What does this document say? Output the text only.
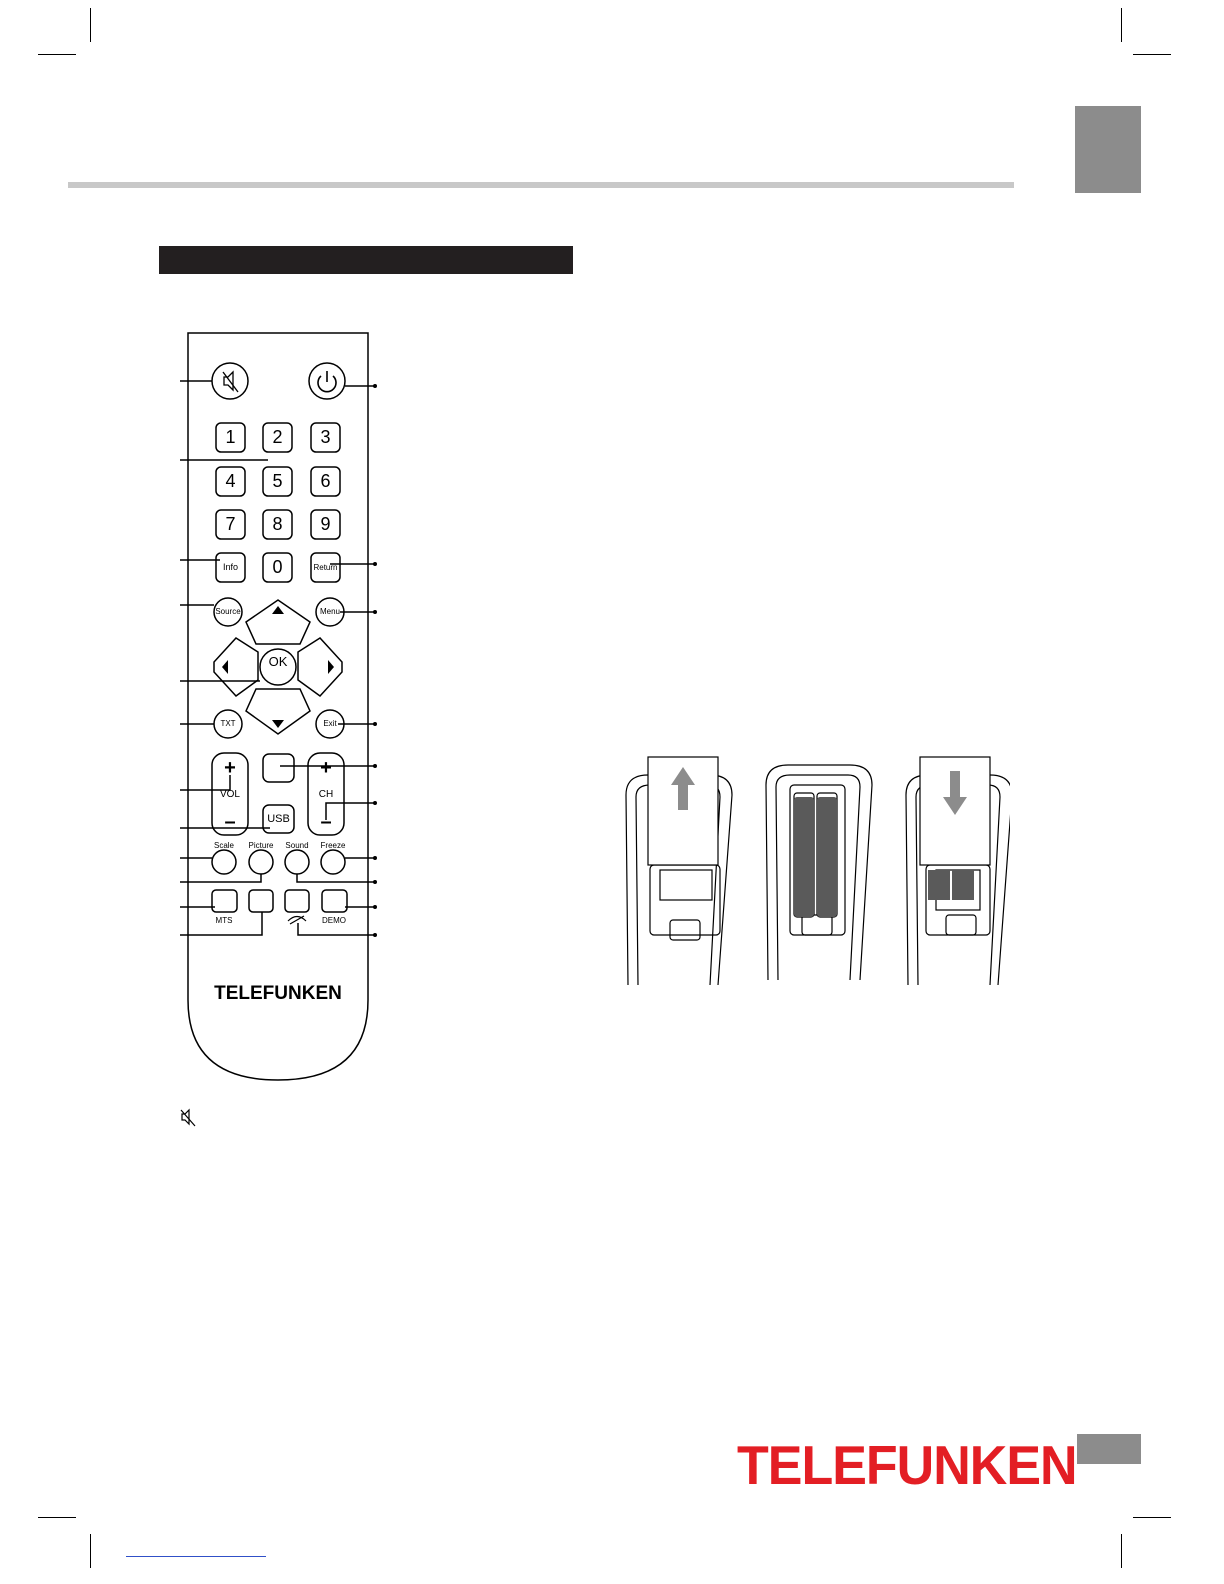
1	2	3
4	5	6
7	8	9
Info	0	Return
Source	Menu
OK
TXT	Exit
+
VOL
–
+
CH
–
USB
Scale	Picture	Sound	Freeze
MTS	DEMO
TELEFUNKEN
TELEFUNKEN
